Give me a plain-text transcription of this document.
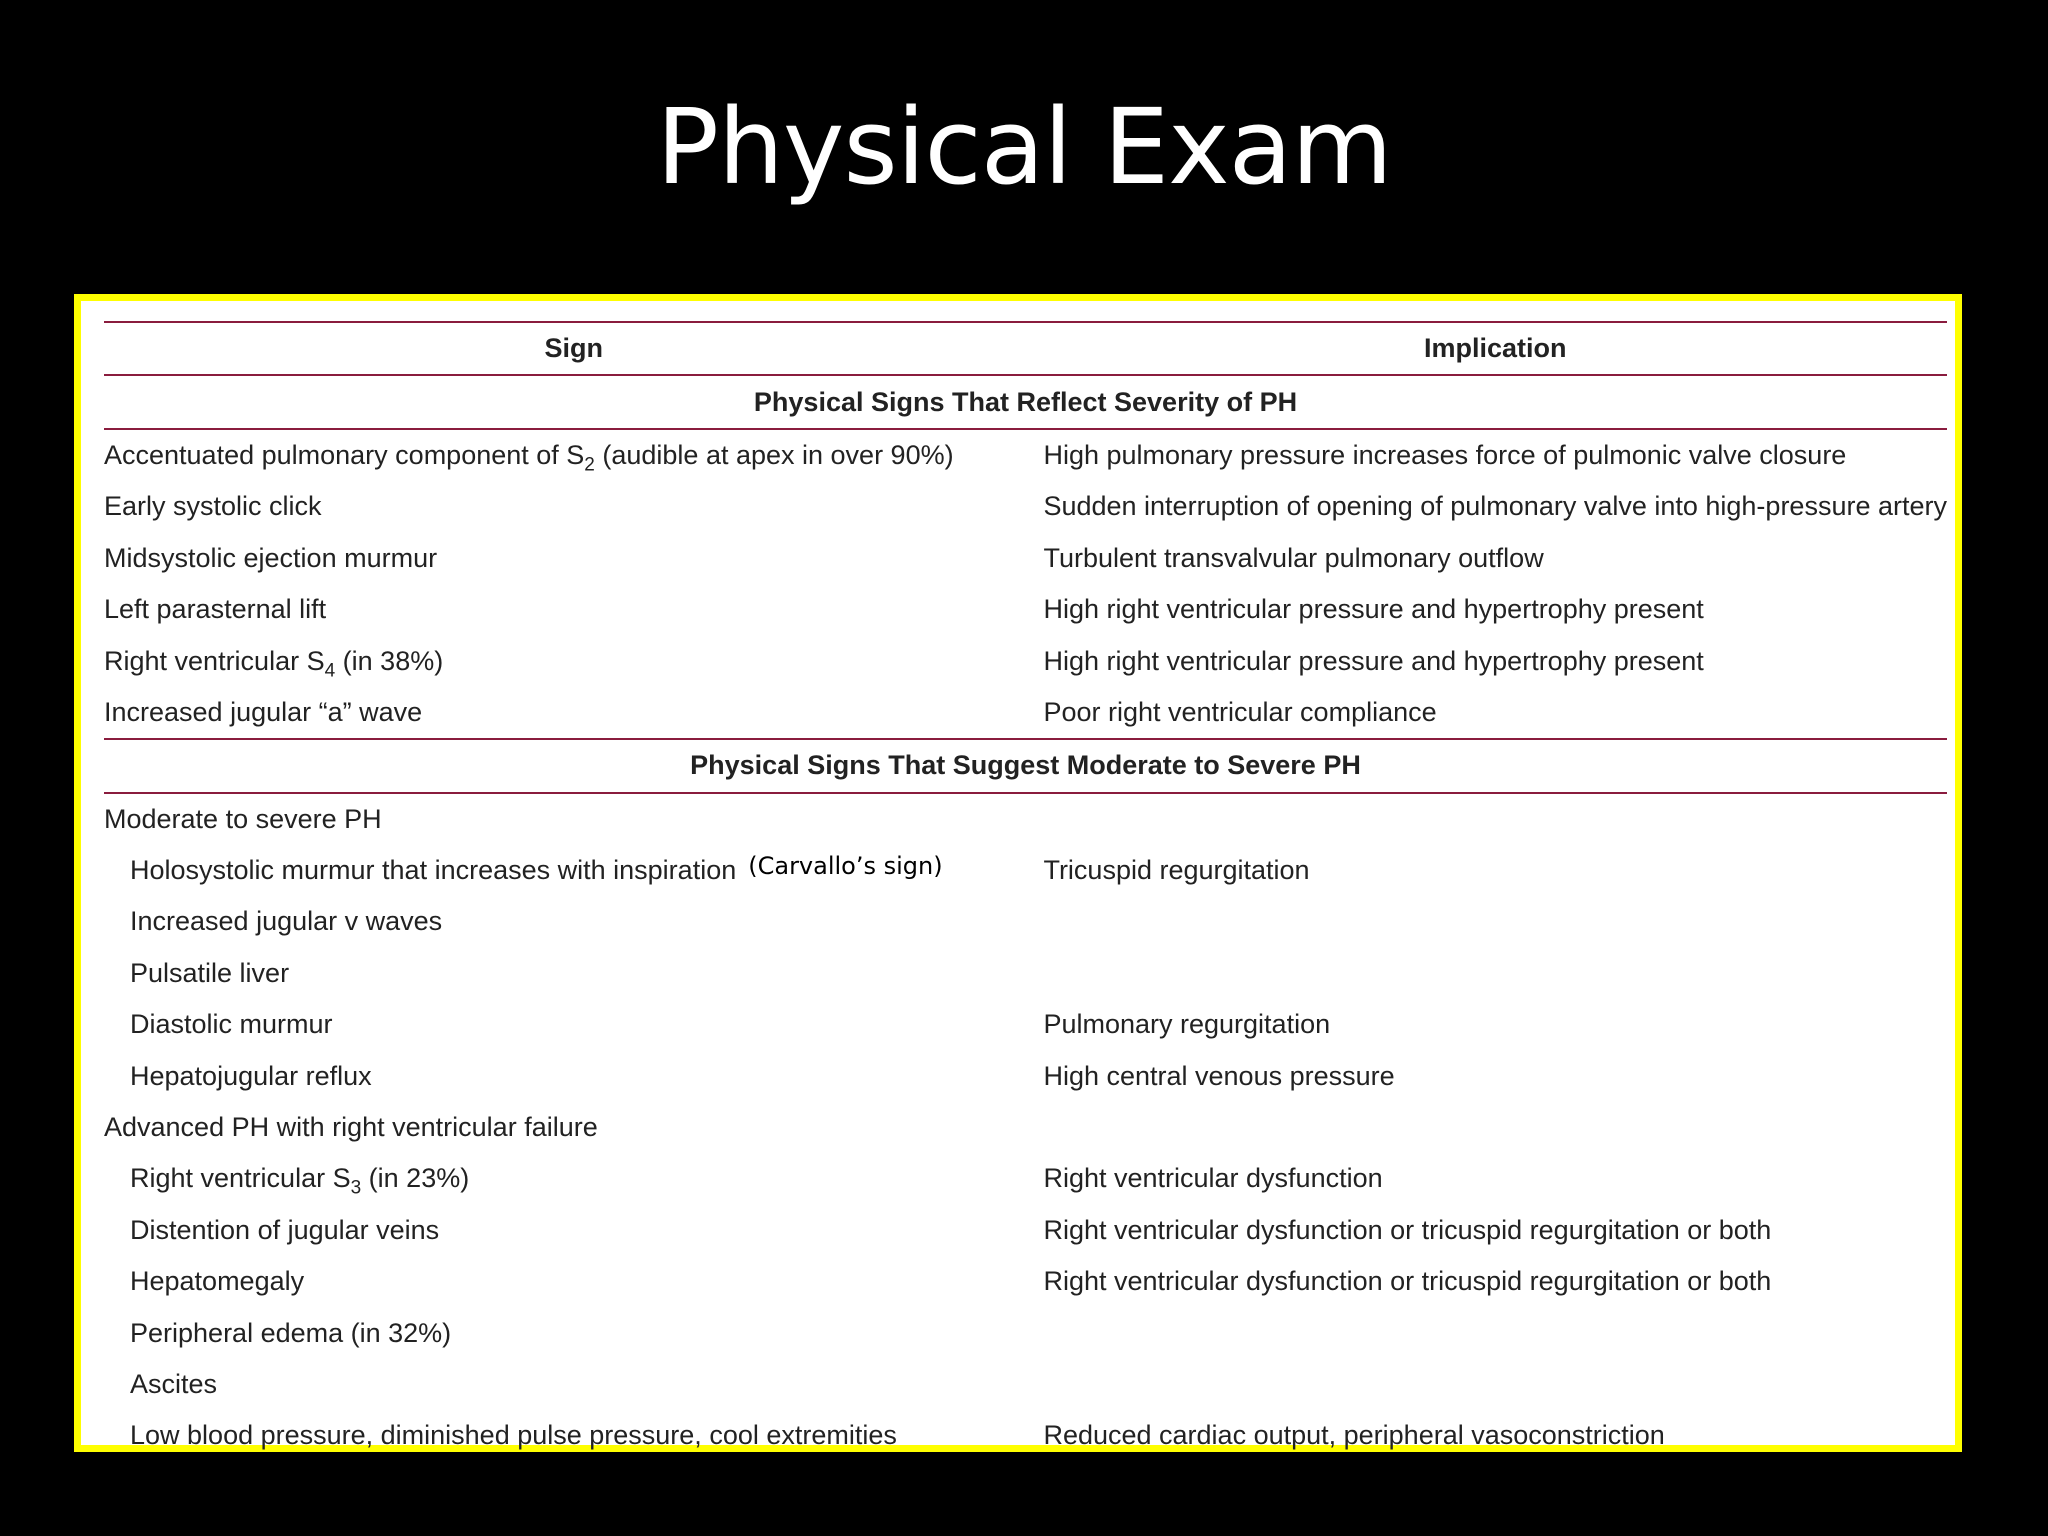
Physical Exam
Sign	Implication
Physical Signs That Reflect Severity of PH	
Accentuated pulmonary component of $S_2$ (audible at apex in over 90%)	High pulmonary pressure increases force of pulmonic valve closure
Early systolic click	Sudden interruption of opening of pulmonary valve into high-pressure artery
Midsystolic ejection murmur	Turbulent transvalvular pulmonary outflow
Left parasternal lift	High right ventricular pressure and hypertrophy present
Right ventricular $S_4$ (in 38%)	High right ventricular pressure and hypertrophy present
Increased jugular “a” wave	Poor right ventricular compliance
Physical Signs That Suggest Moderate to Severe PH	
Moderate to severe PH	
Holosystolic murmur that increases with inspiration (Carvallo’s sign)	Tricuspid regurgitation
Increased jugular v waves	
Pulsatile liver	
Diastolic murmur	Pulmonary regurgitation
Hepatojugular reflux	High central venous pressure
Advanced PH with right ventricular failure	
Right ventricular $S_3$ (in 23%)	Right ventricular dysfunction
Distention of jugular veins	Right ventricular dysfunction or tricuspid regurgitation or both
Hepatomegaly	Right ventricular dysfunction or tricuspid regurgitation or both
Peripheral edema (in 32%)	
Ascites	
Low blood pressure, diminished pulse pressure, cool extremities	Reduced cardiac output, peripheral vasoconstriction
